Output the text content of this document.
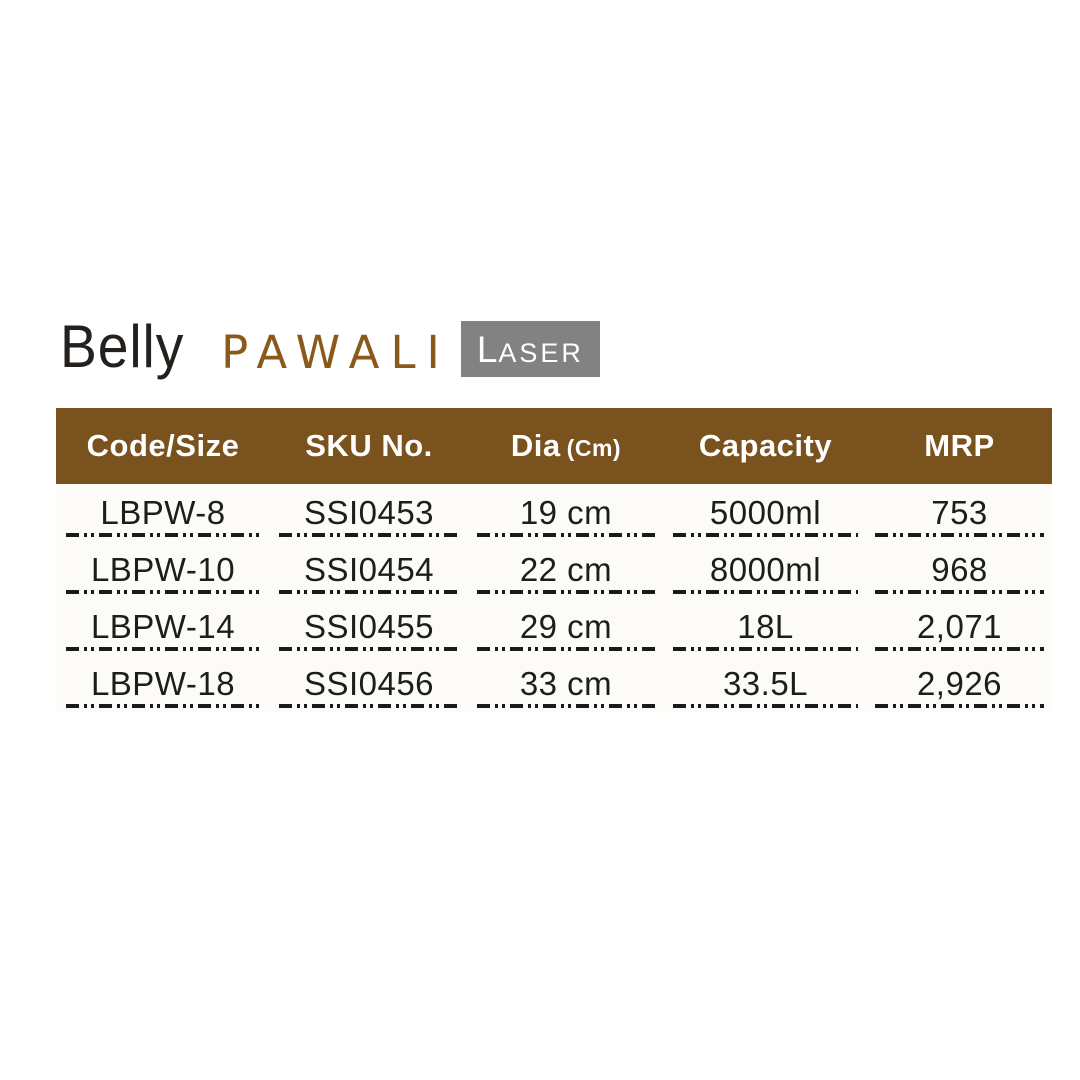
Belly PAWALI L ASER
Code/Size	SKU No.	Dia (Cm)	Capacity	MRP
LBPW-8 SSI0453	19 cm	5000ml	753
LBPW-10 SSI0454	22 cm	8000ml	968
LBPW-14 SSI0455	29 cm	18L	2,071
LBPW-18 SSI0456	33 cm	33.5L	2,926
